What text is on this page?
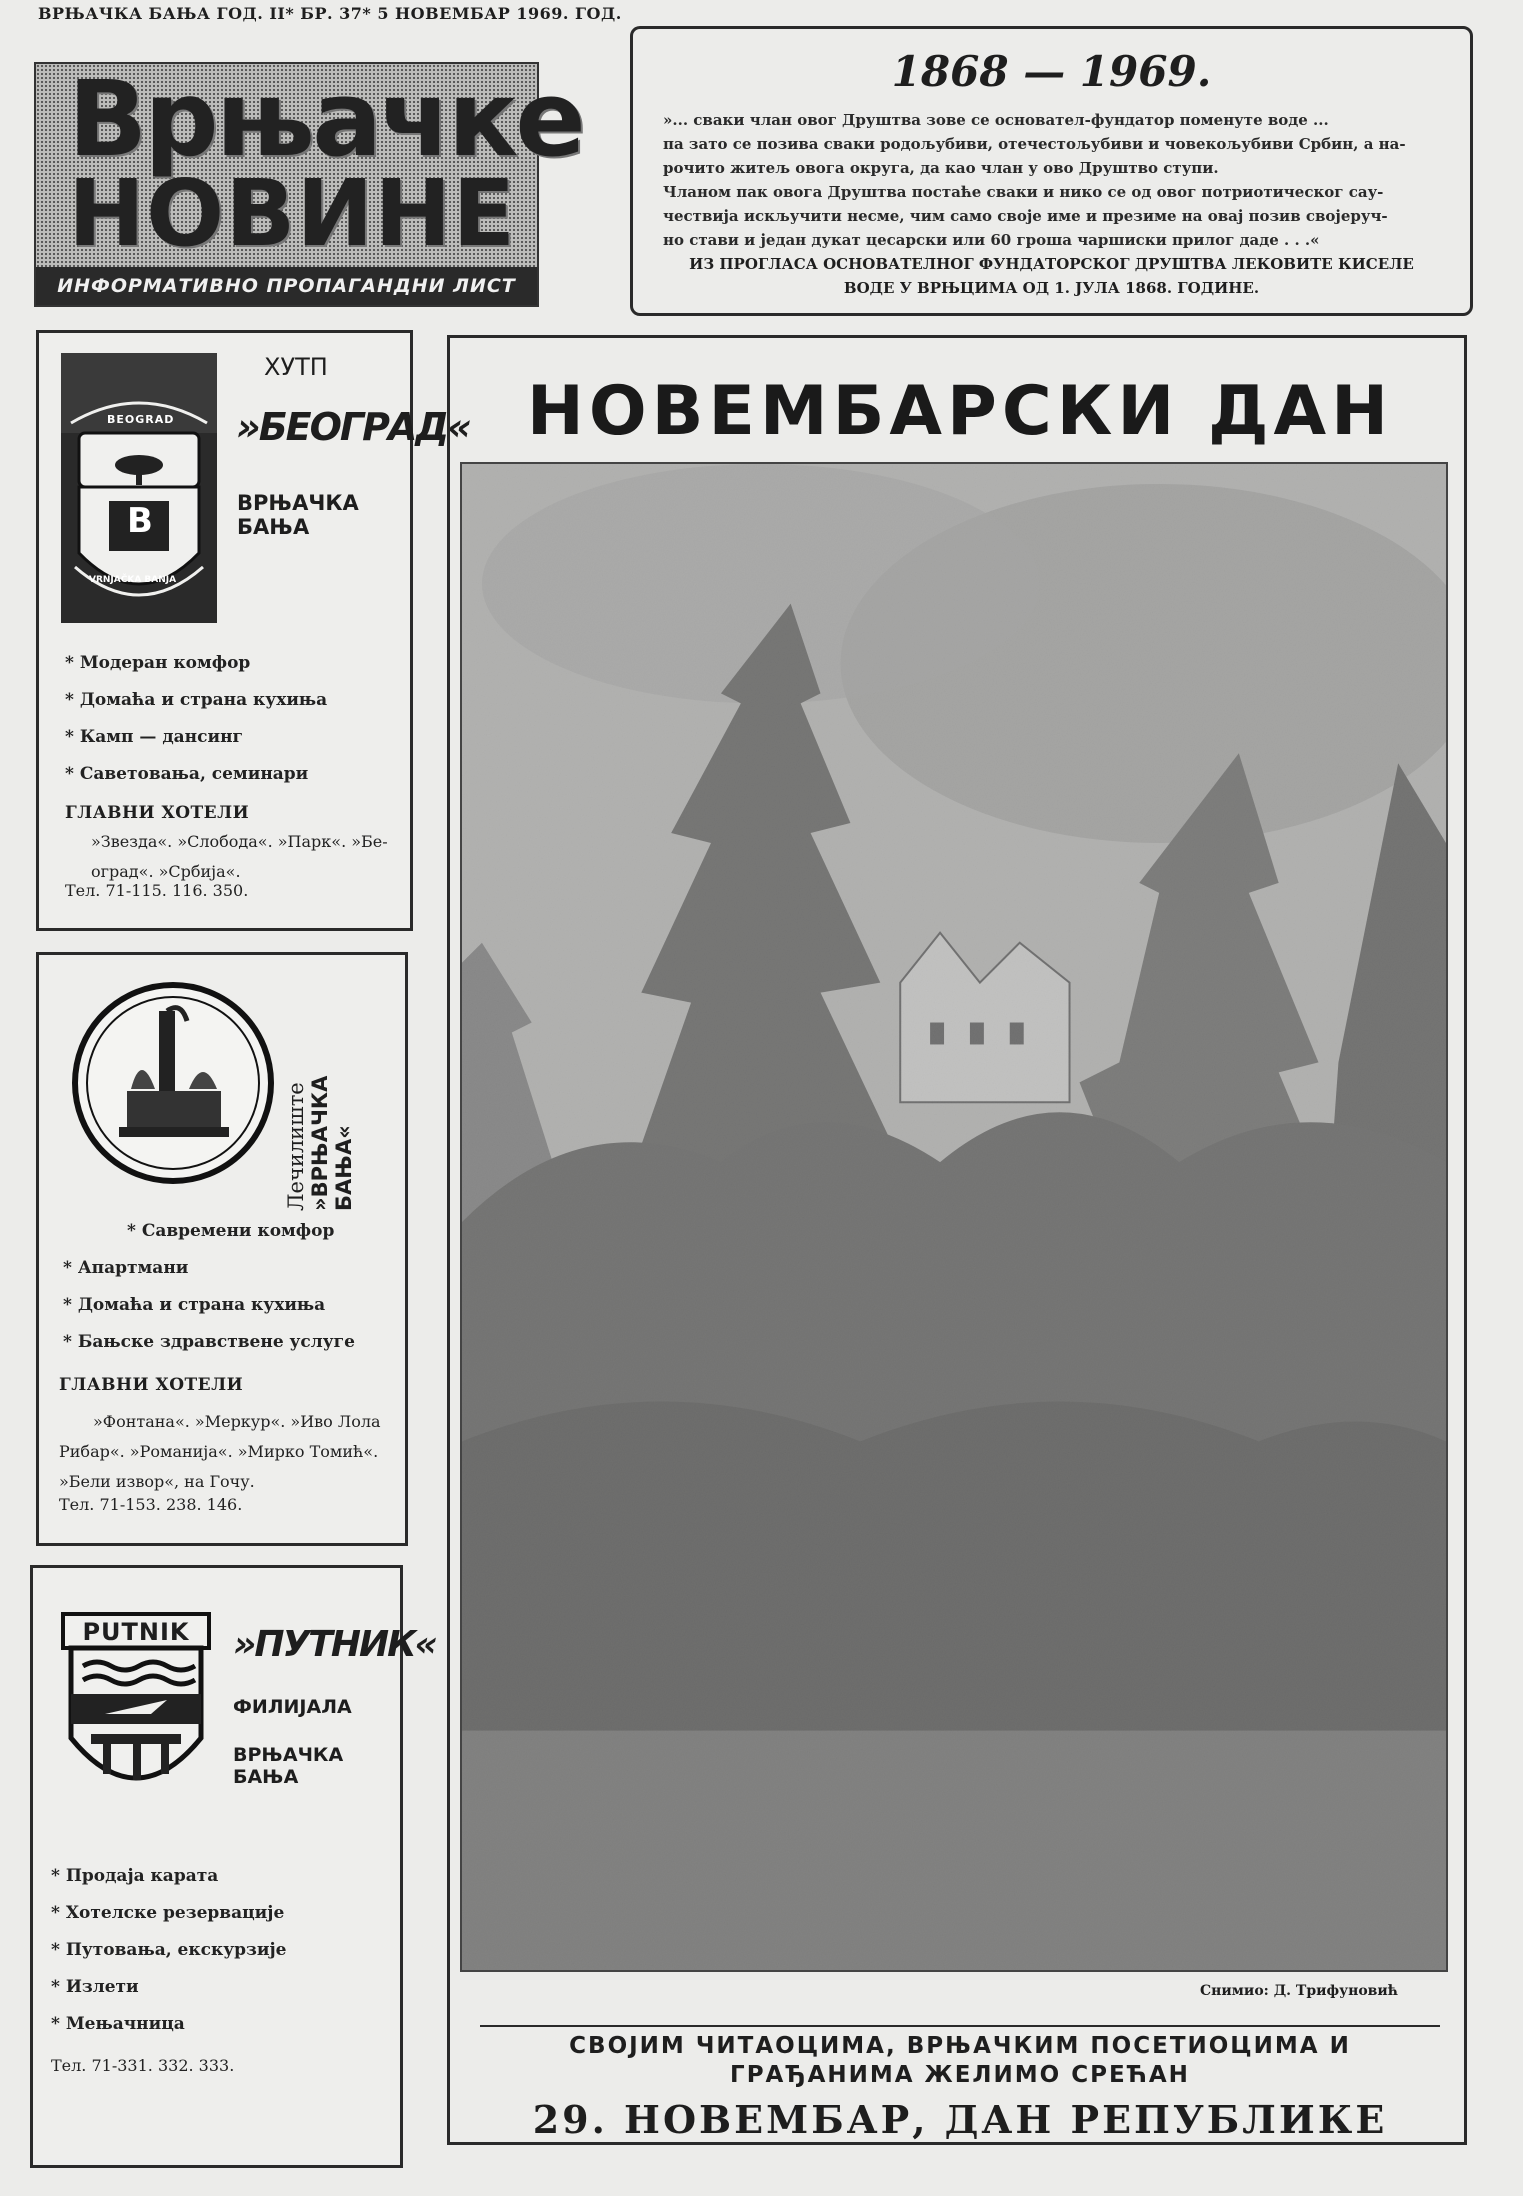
ВРЊАЧКА БАЊА ГОД. II* БР. 37* 5 НОВЕМБАР 1969. ГОД.
Врњачке
НОВИНЕ
ИНФОРМАТИВНО ПРОПАГАНДНИ ЛИСТ
1868 — 1969.
»... сваки члан овог Друштва зове се основател-фундатор поменуте воде ...
па зато се позива сваки родољубиви, отечестољубиви и човекољубиви Србин, а на-
рочито житељ овога округа, да као члан у ово Друштво ступи.
Чланом пак овога Друштва постаће сваки и нико се од овог потриотическог сау-
чествија искључити несме, чим само своје име и презиме на овај позив својеруч-
но стави и један дукат цесарски или 60 гроша чаршиски прилог даде . . .«
ИЗ ПРОГЛАСА ОСНОВАТЕЛНОГ ФУНДАТОРСКОГ ДРУШТВА ЛЕКОВИТЕ КИСЕЛЕ
ВОДЕ У ВРЊЦИМА ОД 1. ЈУЛА 1868. ГОДИНЕ.
BEOGRAD
B
VRNJAČKA BANJA
ХУТП
»БЕОГРАД«
ВРЊАЧКА
БАЊА
* Модеран комфор
* Домаћа и страна кухиња
* Камп — дансинг
* Саветовања, семинари
ГЛАВНИ ХОТЕЛИ
»Звезда«. »Слобода«. »Парк«. »Бе-
оград«. »Србија«.
Тел. 71-115. 116. 350.
Лечилиште »ВРЊАЧКА БАЊА«
* Савремени комфор
* Апартмани
* Домаћа и страна кухиња
* Бањске здравствене услуге
ГЛАВНИ ХОТЕЛИ
»Фонтана«. »Меркур«. »Иво Лола
Рибар«. »Романија«. »Мирко Томић«.
»Бели извор«, на Гочу.
Тел. 71-153. 238. 146.
PUTNIK	»ПУТНИК«
ФИЛИЈАЛА
ВРЊАЧКА
БАЊА
* Продаја карата
* Хотелске резервације
* Путовања, екскурзије
* Излети
* Мењачница
Тел. 71-331. 332. 333.
НОВЕМБАРСКИ ДАН
Снимио: Д. Трифуновић
СВОЈИМ ЧИТАОЦИМА, ВРЊАЧКИМ ПОСЕТИОЦИМА И
ГРАЂАНИМА ЖЕЛИМО СРЕЋАН
29. НОВЕМБАР, ДАН РЕПУБЛИКЕ
